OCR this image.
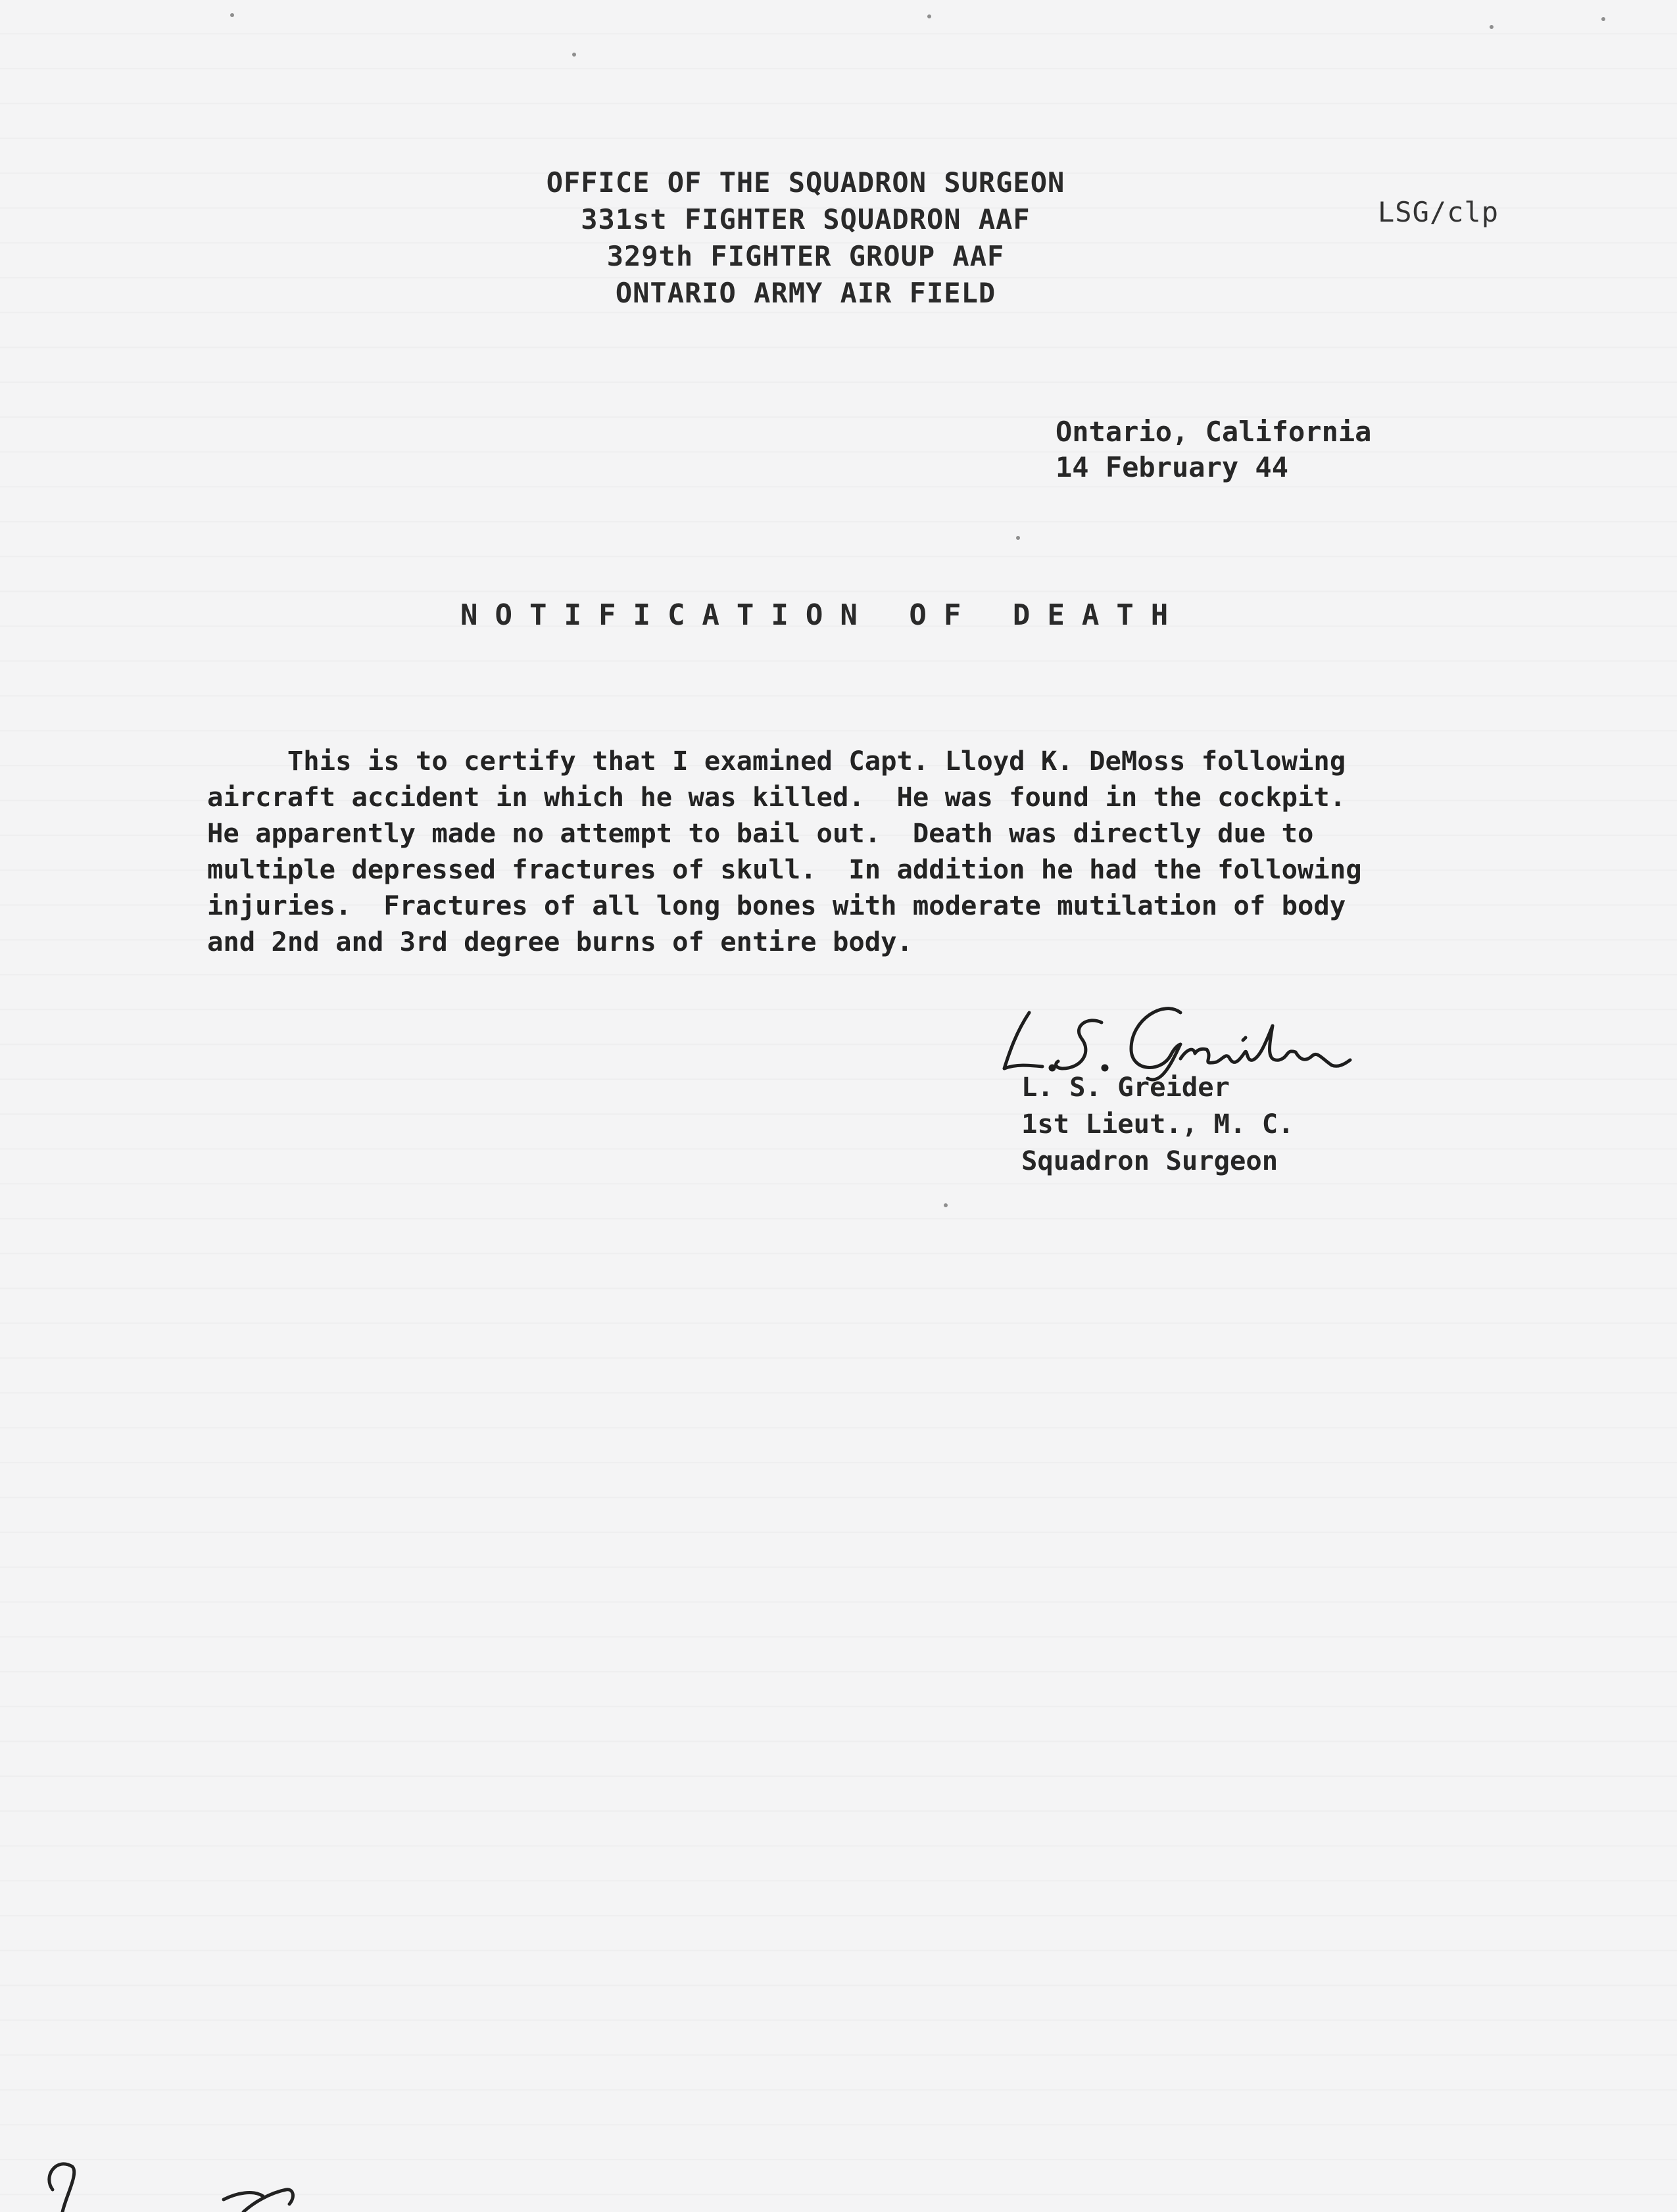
OFFICE OF THE SQUADRON SURGEON
331st FIGHTER SQUADRON AAF
329th FIGHTER GROUP AAF
ONTARIO ARMY AIR FIELD
LSG/clp
Ontario, California
14 February 44
NOTIFICATION OF DEATH
This is to certify that I examined Capt. Lloyd K. DeMoss following
aircraft accident in which he was killed.  He was found in the cockpit.
He apparently made no attempt to bail out.  Death was directly due to
multiple depressed fractures of skull.  In addition he had the following
injuries.  Fractures of all long bones with moderate mutilation of body
and 2nd and 3rd degree burns of entire body.
L. S. Greider
1st Lieut., M. C.
Squadron Surgeon
